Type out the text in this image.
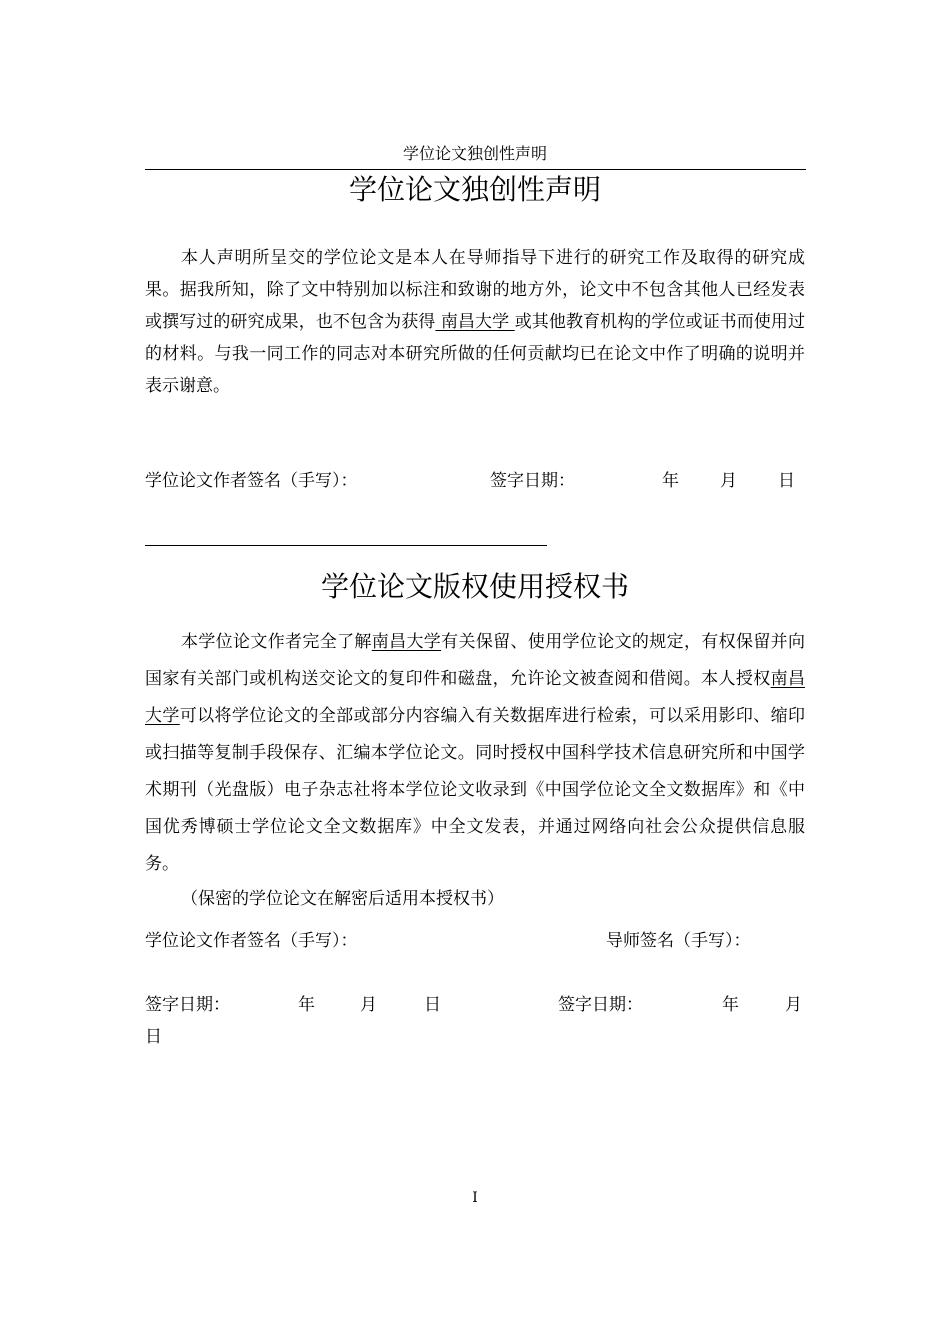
学位论文独创性声明
学位论文独创性声明
本人声明所呈交的学位论文是本人在导师指导下进行的研究工作及取得的研究成果。据我所知，除了文中特别加以标注和致谢的地方外，论文中不包含其他人已经发表或撰写过的研究成果，也不包含为获得 南昌大学 或其他教育机构的学位或证书而使用过的材料。与我一同工作的同志对本研究所做的任何贡献均已在论文中作了明确的说明并表示谢意。
学位论文作者签名（手写）：	签字日期：	年 月 日
学位论文版权使用授权书
本学位论文作者完全了解南昌大学有关保留、使用学位论文的规定，有权保留并向国家有关部门或机构送交论文的复印件和磁盘，允许论文被查阅和借阅。本人授权南昌大学可以将学位论文的全部或部分内容编入有关数据库进行检索，可以采用影印、缩印或扫描等复制手段保存、汇编本学位论文。同时授权中国科学技术信息研究所和中国学术期刊（光盘版）电子杂志社将本学位论文收录到《中国学位论文全文数据库》和《中国优秀博硕士学位论文全文数据库》中全文发表，并通过网络向社会公众提供信息服务。
（保密的学位论文在解密后适用本授权书）
学位论文作者签名（手写）：	导师签名（手写）：
签字日期：	年	月	日	签字日期：	年	月
日
I
